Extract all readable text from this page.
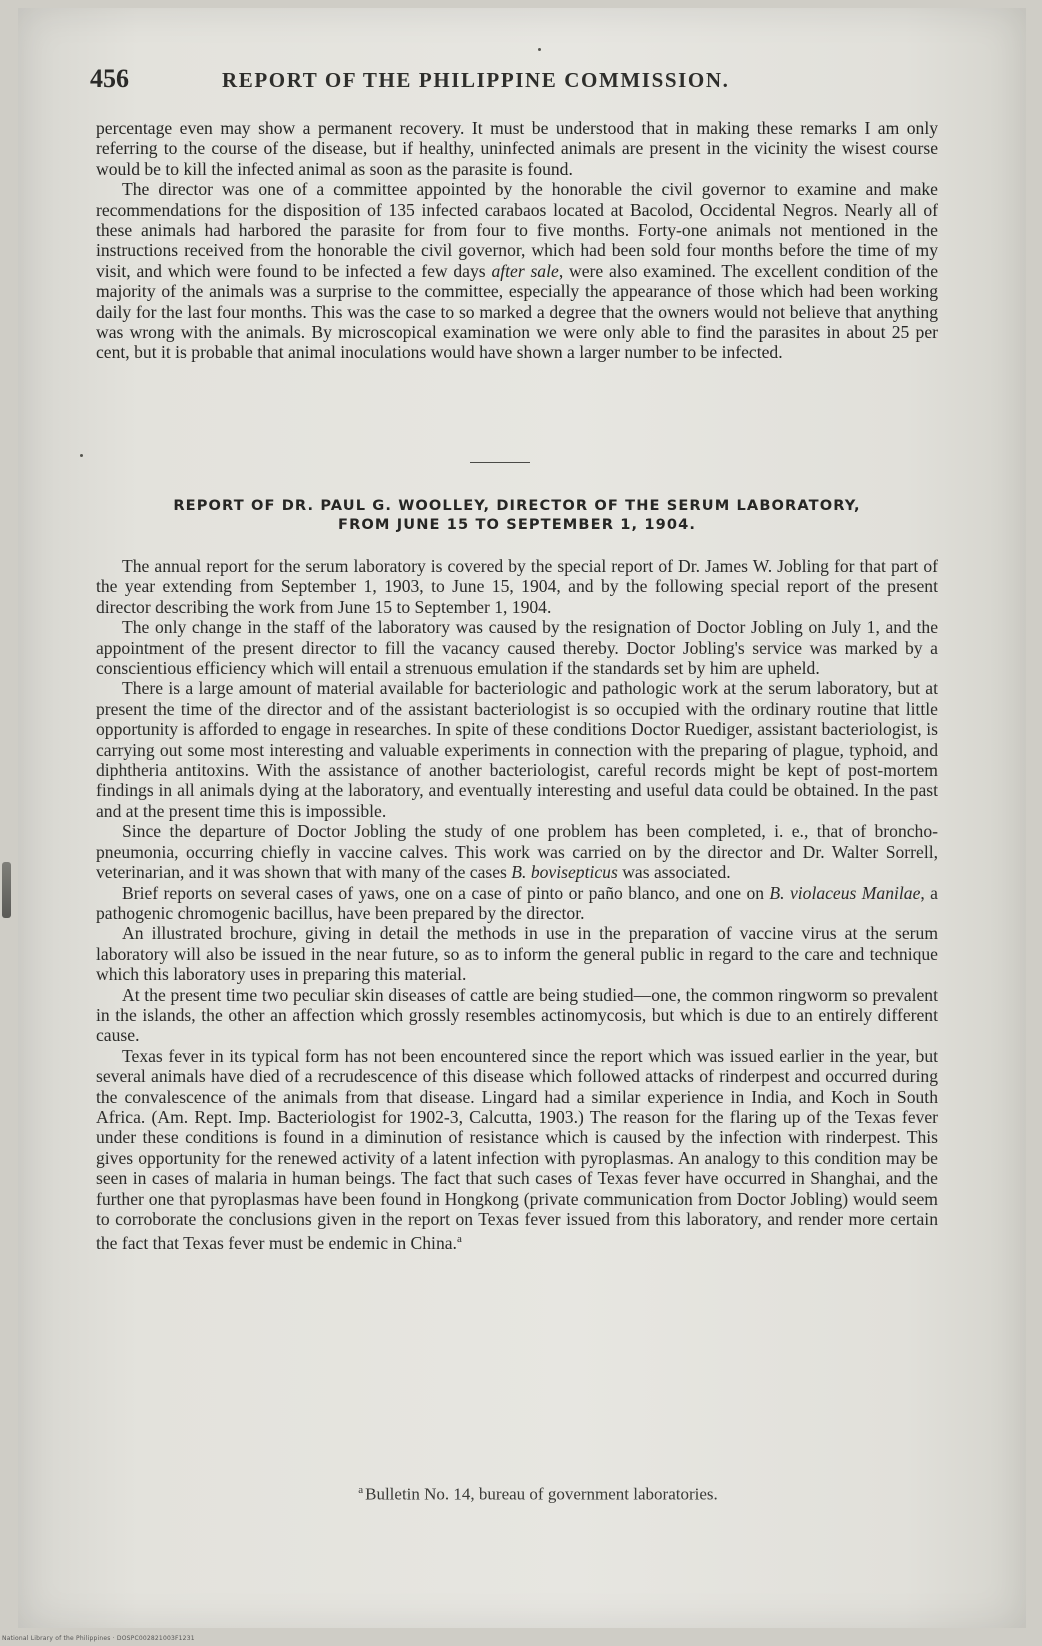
456	REPORT OF THE PHILIPPINE COMMISSION.

percentage even may show a permanent recovery. It must be understood that in making these remarks I am only referring to the course of the disease, but if healthy, uninfected animals are present in the vicinity the wisest course would be to kill the infected animal as soon as the parasite is found.

The director was one of a committee appointed by the honorable the civil governor to examine and make recommendations for the disposition of 135 infected carabaos located at Bacolod, Occidental Negros. Nearly all of these animals had harbored the parasite for from four to five months. Forty-one animals not mentioned in the instructions received from the honorable the civil governor, which had been sold four months before the time of my visit, and which were found to be infected a few days after sale, were also examined. The excellent condition of the majority of the animals was a surprise to the committee, especially the appearance of those which had been working daily for the last four months. This was the case to so marked a degree that the owners would not believe that anything was wrong with the animals. By microscopical examination we were only able to find the parasites in about 25 per cent, but it is probable that animal inoculations would have shown a larger number to be infected.

REPORT OF DR. PAUL G. WOOLLEY, DIRECTOR OF THE SERUM LABORATORY,
FROM JUNE 15 TO SEPTEMBER 1, 1904.

The annual report for the serum laboratory is covered by the special report of Dr. James W. Jobling for that part of the year extending from September 1, 1903, to June 15, 1904, and by the following special report of the present director describing the work from June 15 to September 1, 1904.

The only change in the staff of the laboratory was caused by the resignation of Doctor Jobling on July 1, and the appointment of the present director to fill the vacancy caused thereby. Doctor Jobling's service was marked by a conscientious efficiency which will entail a strenuous emulation if the standards set by him are upheld.

There is a large amount of material available for bacteriologic and pathologic work at the serum laboratory, but at present the time of the director and of the assistant bacteriologist is so occupied with the ordinary routine that little opportunity is afforded to engage in researches. In spite of these conditions Doctor Ruediger, assistant bacteriologist, is carrying out some most interesting and valuable experiments in connection with the preparing of plague, typhoid, and diphtheria antitoxins. With the assistance of another bacteriologist, careful records might be kept of post-mortem findings in all animals dying at the laboratory, and eventually interesting and useful data could be obtained. In the past and at the present time this is impossible.

Since the departure of Doctor Jobling the study of one problem has been completed, i. e., that of broncho-pneumonia, occurring chiefly in vaccine calves. This work was carried on by the director and Dr. Walter Sorrell, veterinarian, and it was shown that with many of the cases B. bovisepticus was associated.

Brief reports on several cases of yaws, one on a case of pinto or paño blanco, and one on B. violaceus Manilae, a pathogenic chromogenic bacillus, have been prepared by the director.

An illustrated brochure, giving in detail the methods in use in the preparation of vaccine virus at the serum laboratory will also be issued in the near future, so as to inform the general public in regard to the care and technique which this laboratory uses in preparing this material.

At the present time two peculiar skin diseases of cattle are being studied—one, the common ringworm so prevalent in the islands, the other an affection which grossly resembles actinomycosis, but which is due to an entirely different cause.

Texas fever in its typical form has not been encountered since the report which was issued earlier in the year, but several animals have died of a recrudescence of this disease which followed attacks of rinderpest and occurred during the convalescence of the animals from that disease. Lingard had a similar experience in India, and Koch in South Africa. (Am. Rept. Imp. Bacteriologist for 1902-3, Calcutta, 1903.) The reason for the flaring up of the Texas fever under these conditions is found in a diminution of resistance which is caused by the infection with rinderpest. This gives opportunity for the renewed activity of a latent infection with pyroplasmas. An analogy to this condition may be seen in cases of malaria in human beings. The fact that such cases of Texas fever have occurred in Shanghai, and the further one that pyroplasmas have been found in Hongkong (private communication from Doctor Jobling) would seem to corroborate the conclusions given in the report on Texas fever issued from this laboratory, and render more certain the fact that Texas fever must be endemic in China.$^a$

$^a$ Bulletin No. 14, bureau of government laboratories.
National Library of the Philippines · DOSPC002821003F1231
